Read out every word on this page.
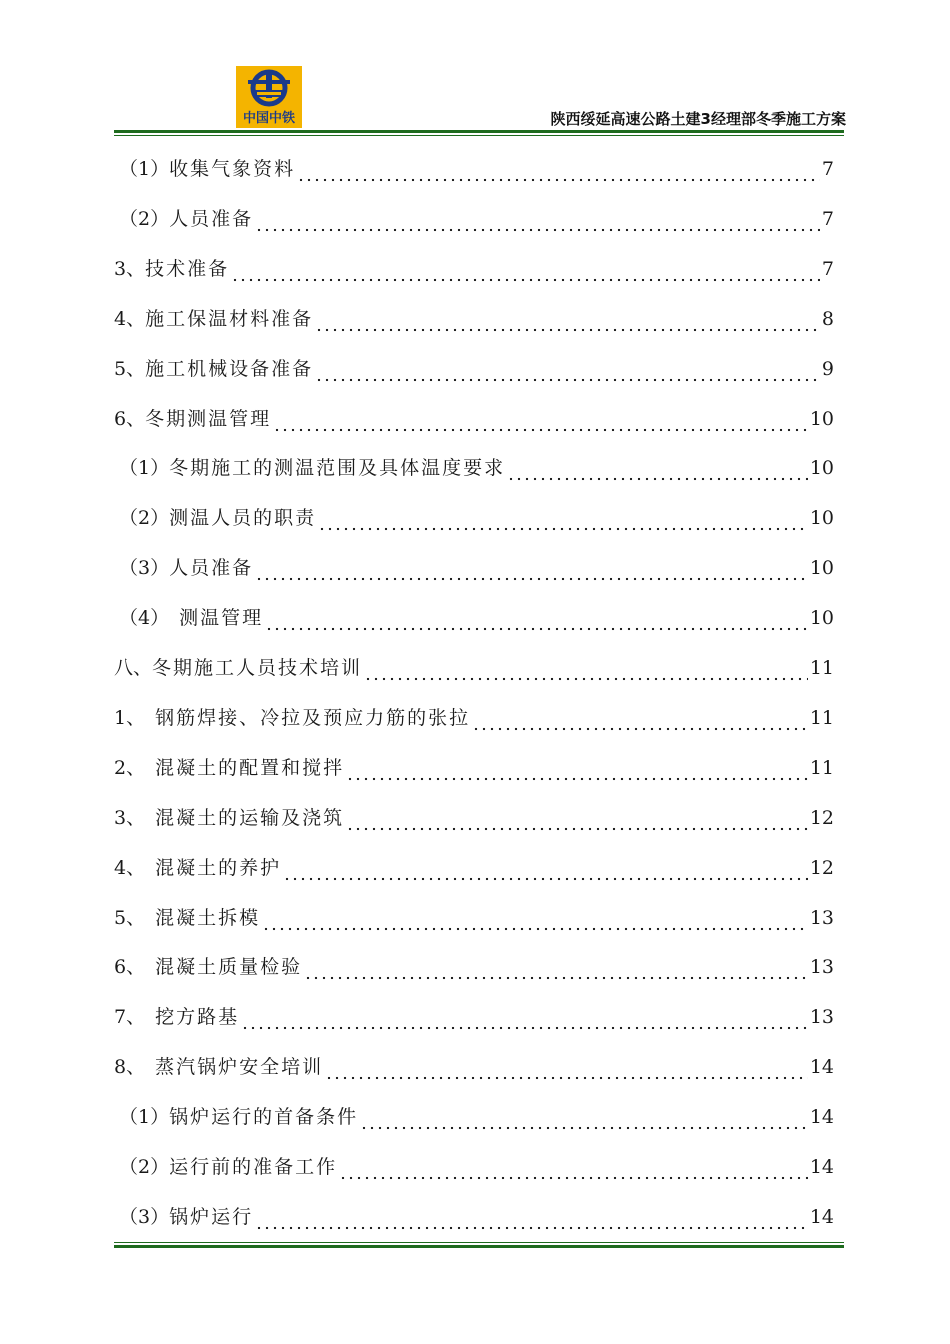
中国中铁	陕西绥延高速公路土建3经理部冬季施工方案
（1） 收集气象资料	7
（2） 人员准备	7
3、 技术准备	7
4、 施工保温材料准备	8
5、 施工机械设备准备	9
6、 冬期测温管理	10
（1） 冬期施工的测温范围及具体温度要求	10
（2） 测温人员的职责	10
（3） 人员准备	10
（4） 测温管理	10
八、 冬期施工人员技术培训	11
1、 钢筋焊接、冷拉及预应力筋的张拉	11
2、 混凝土的配置和搅拌	11
3、 混凝土的运输及浇筑	12
4、 混凝土的养护	12
5、 混凝土拆模	13
6、 混凝土质量检验	13
7、 挖方路基	13
8、 蒸汽锅炉安全培训	14
（1） 锅炉运行的首备条件	14
（2） 运行前的准备工作	14
（3） 锅炉运行	14
